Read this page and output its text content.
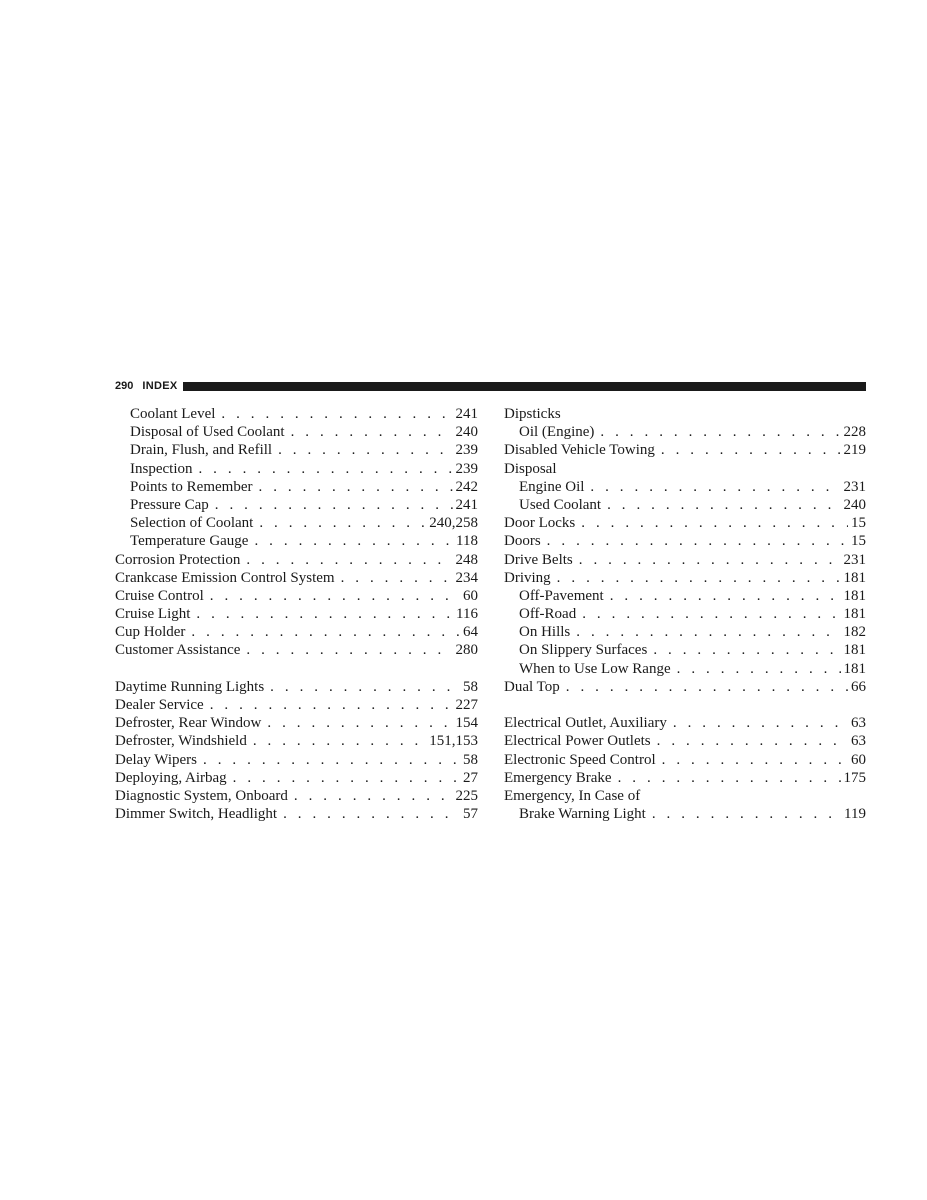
290 INDEX
Coolant Level . . .	241
Disposal of Used Coolant . . .	240
Drain, Flush, and Refill . . .	239
Inspection . . .	239
Points to Remember . . .	242
Pressure Cap . . .	241
Selection of Coolant . . .	240,258
Temperature Gauge . . .	118
Corrosion Protection . . .	248
Crankcase Emission Control System . . .	234
Cruise Control . . .	60
Cruise Light . . .	116
Cup Holder . . .	64
Customer Assistance . . .	280
Daytime Running Lights . . .	58
Dealer Service . . .	227
Defroster, Rear Window . . .	154
Defroster, Windshield . . .	151,153
Delay Wipers . . .	58
Deploying, Airbag . . .	27
Diagnostic System, Onboard . . .	225
Dimmer Switch, Headlight . . .	57
Dipsticks
Oil (Engine) . . .	228
Disabled Vehicle Towing . . .	219
Disposal
Engine Oil . . .	231
Used Coolant . . .	240
Door Locks . . .	15
Doors . . .	15
Drive Belts . . .	231
Driving . . .	181
Off-Pavement . . .	181
Off-Road . . .	181
On Hills . . .	182
On Slippery Surfaces . . .	181
When to Use Low Range . . .	181
Dual Top . . .	66
Electrical Outlet, Auxiliary . . .	63
Electrical Power Outlets . . .	63
Electronic Speed Control . . .	60
Emergency Brake . . .	175
Emergency, In Case of
Brake Warning Light . . .	119
